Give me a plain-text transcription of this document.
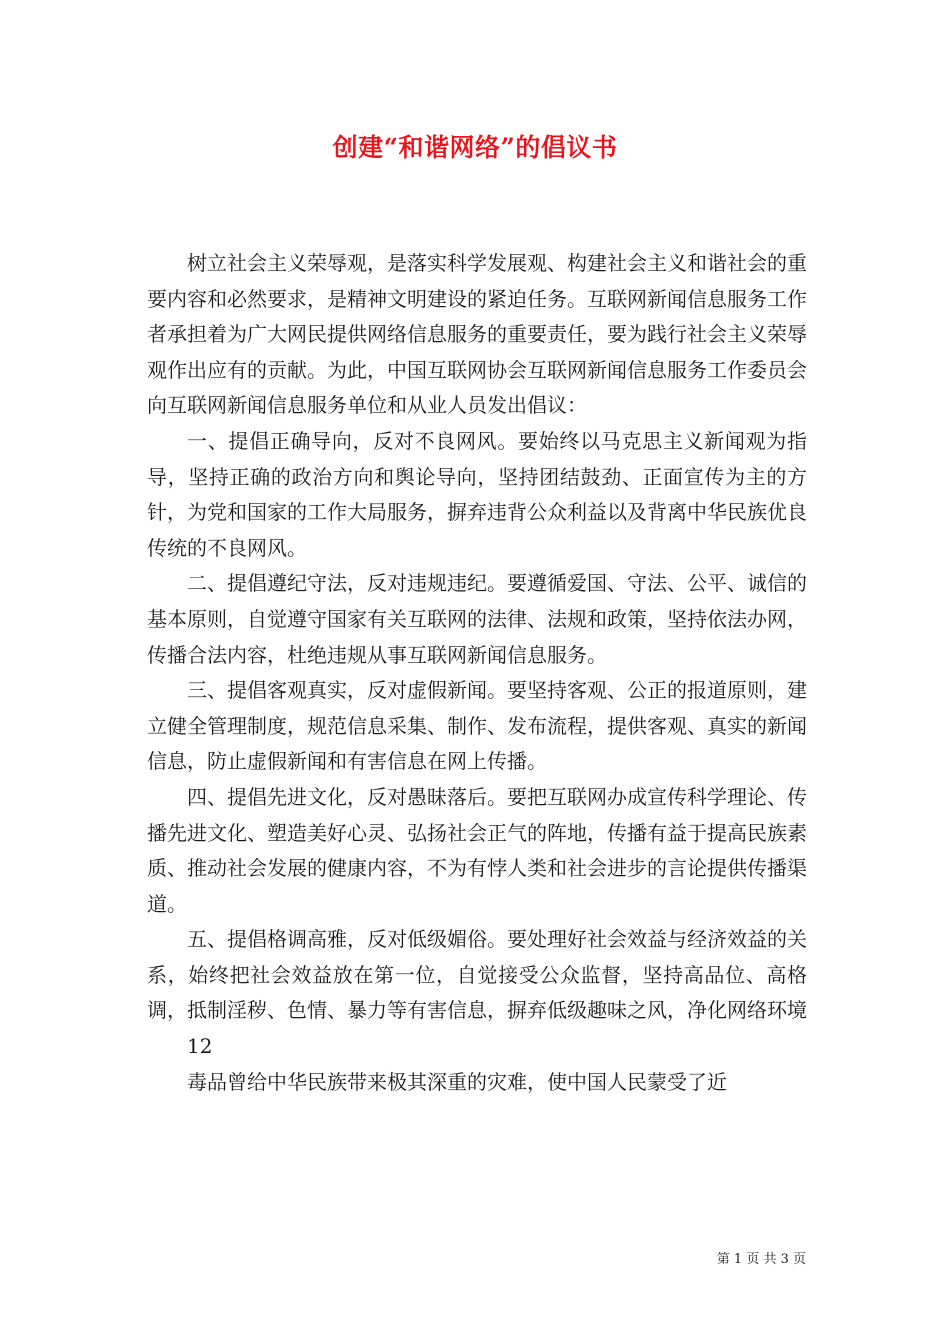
创建“和谐网络”的倡议书

树立社会主义荣辱观，是落实科学发展观、构建社会主义和谐社会的重要内容和必然要求，是精神文明建设的紧迫任务。互联网新闻信息服务工作者承担着为广大网民提供网络信息服务的重要责任，要为践行社会主义荣辱观作出应有的贡献。为此，中国互联网协会互联网新闻信息服务工作委员会向互联网新闻信息服务单位和从业人员发出倡议：

一、提倡正确导向，反对不良网风。要始终以马克思主义新闻观为指导，坚持正确的政治方向和舆论导向，坚持团结鼓劲、正面宣传为主的方针，为党和国家的工作大局服务，摒弃违背公众利益以及背离中华民族优良传统的不良网风。

二、提倡遵纪守法，反对违规违纪。要遵循爱国、守法、公平、诚信的基本原则，自觉遵守国家有关互联网的法律、法规和政策，坚持依法办网，传播合法内容，杜绝违规从事互联网新闻信息服务。

三、提倡客观真实，反对虚假新闻。要坚持客观、公正的报道原则，建立健全管理制度，规范信息采集、制作、发布流程，提供客观、真实的新闻信息，防止虚假新闻和有害信息在网上传播。

四、提倡先进文化，反对愚昧落后。要把互联网办成宣传科学理论、传播先进文化、塑造美好心灵、弘扬社会正气的阵地，传播有益于提高民族素质、推动社会发展的健康内容，不为有悖人类和社会进步的言论提供传播渠道。

五、提倡格调高雅，反对低级媚俗。要处理好社会效益与经济效益的关系，始终把社会效益放在第一位，自觉接受公众监督，坚持高品位、高格调，抵制淫秽、色情、暴力等有害信息，摒弃低级趣味之风，净化网络环境

12

毒品曾给中华民族带来极其深重的灾难，使中国人民蒙受了近

第 1 页 共 3 页
